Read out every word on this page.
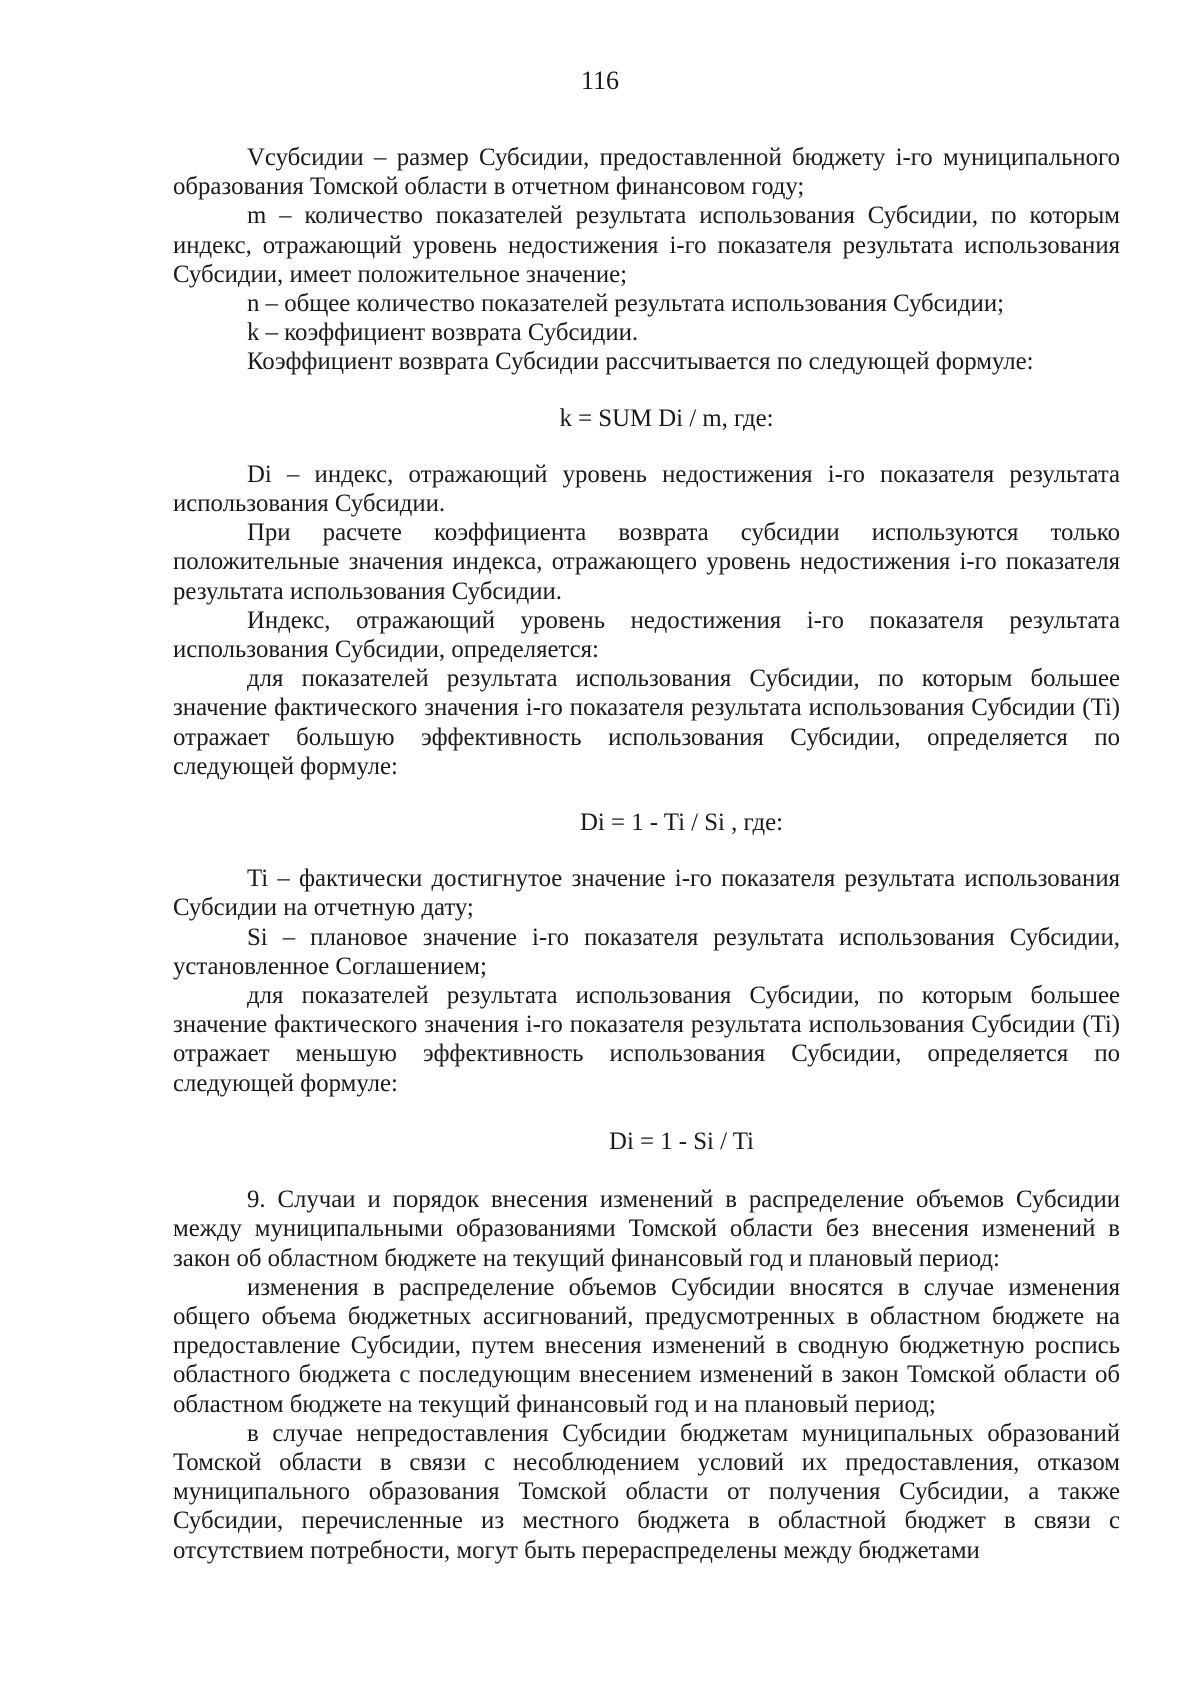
116

Vсубсидии – размер Субсидии, предоставленной бюджету i-го муниципального образования Томской области в отчетном финансовом году;

m – количество показателей результата использования Субсидии, по которым индекс, отражающий уровень недостижения i-го показателя результата использования Субсидии, имеет положительное значение;

n – общее количество показателей результата использования Субсидии;

k – коэффициент возврата Субсидии.

Коэффициент возврата Субсидии рассчитывается по следующей формуле:

k = SUM Di / m, где:

Di – индекс, отражающий уровень недостижения i-го показателя результата использования Субсидии.

При расчете коэффициента возврата субсидии используются только положительные значения индекса, отражающего уровень недостижения i-го показателя результата использования Субсидии.

Индекс, отражающий уровень недостижения i-го показателя результата использования Субсидии, определяется:

для показателей результата использования Субсидии, по которым большее значение фактического значения i-го показателя результата использования Субсидии (Ti) отражает большую эффективность использования Субсидии, определяется по следующей формуле:

Di = 1 - Ti / Si , где:

Ti – фактически достигнутое значение i-го показателя результата использования Субсидии на отчетную дату;

Si – плановое значение i-го показателя результата использования Субсидии, установленное Соглашением;

для показателей результата использования Субсидии, по которым большее значение фактического значения i-го показателя результата использования Субсидии (Ti) отражает меньшую эффективность использования Субсидии, определяется по следующей формуле:

Di = 1 - Si / Ti

9. Случаи и порядок внесения изменений в распределение объемов Субсидии между муниципальными образованиями Томской области без внесения изменений в закон об областном бюджете на текущий финансовый год и плановый период:

изменения в распределение объемов Субсидии вносятся в случае изменения общего объема бюджетных ассигнований, предусмотренных в областном бюджете на предоставление Субсидии, путем внесения изменений в сводную бюджетную роспись областного бюджета с последующим внесением изменений в закон Томской области об областном бюджете на текущий финансовый год и на плановый период;

в случае непредоставления Субсидии бюджетам муниципальных образований Томской области в связи с несоблюдением условий их предоставления, отказом муниципального образования Томской области от получения Субсидии, а также Субсидии, перечисленные из местного бюджета в областной бюджет в связи с отсутствием потребности, могут быть перераспределены между бюджетами
